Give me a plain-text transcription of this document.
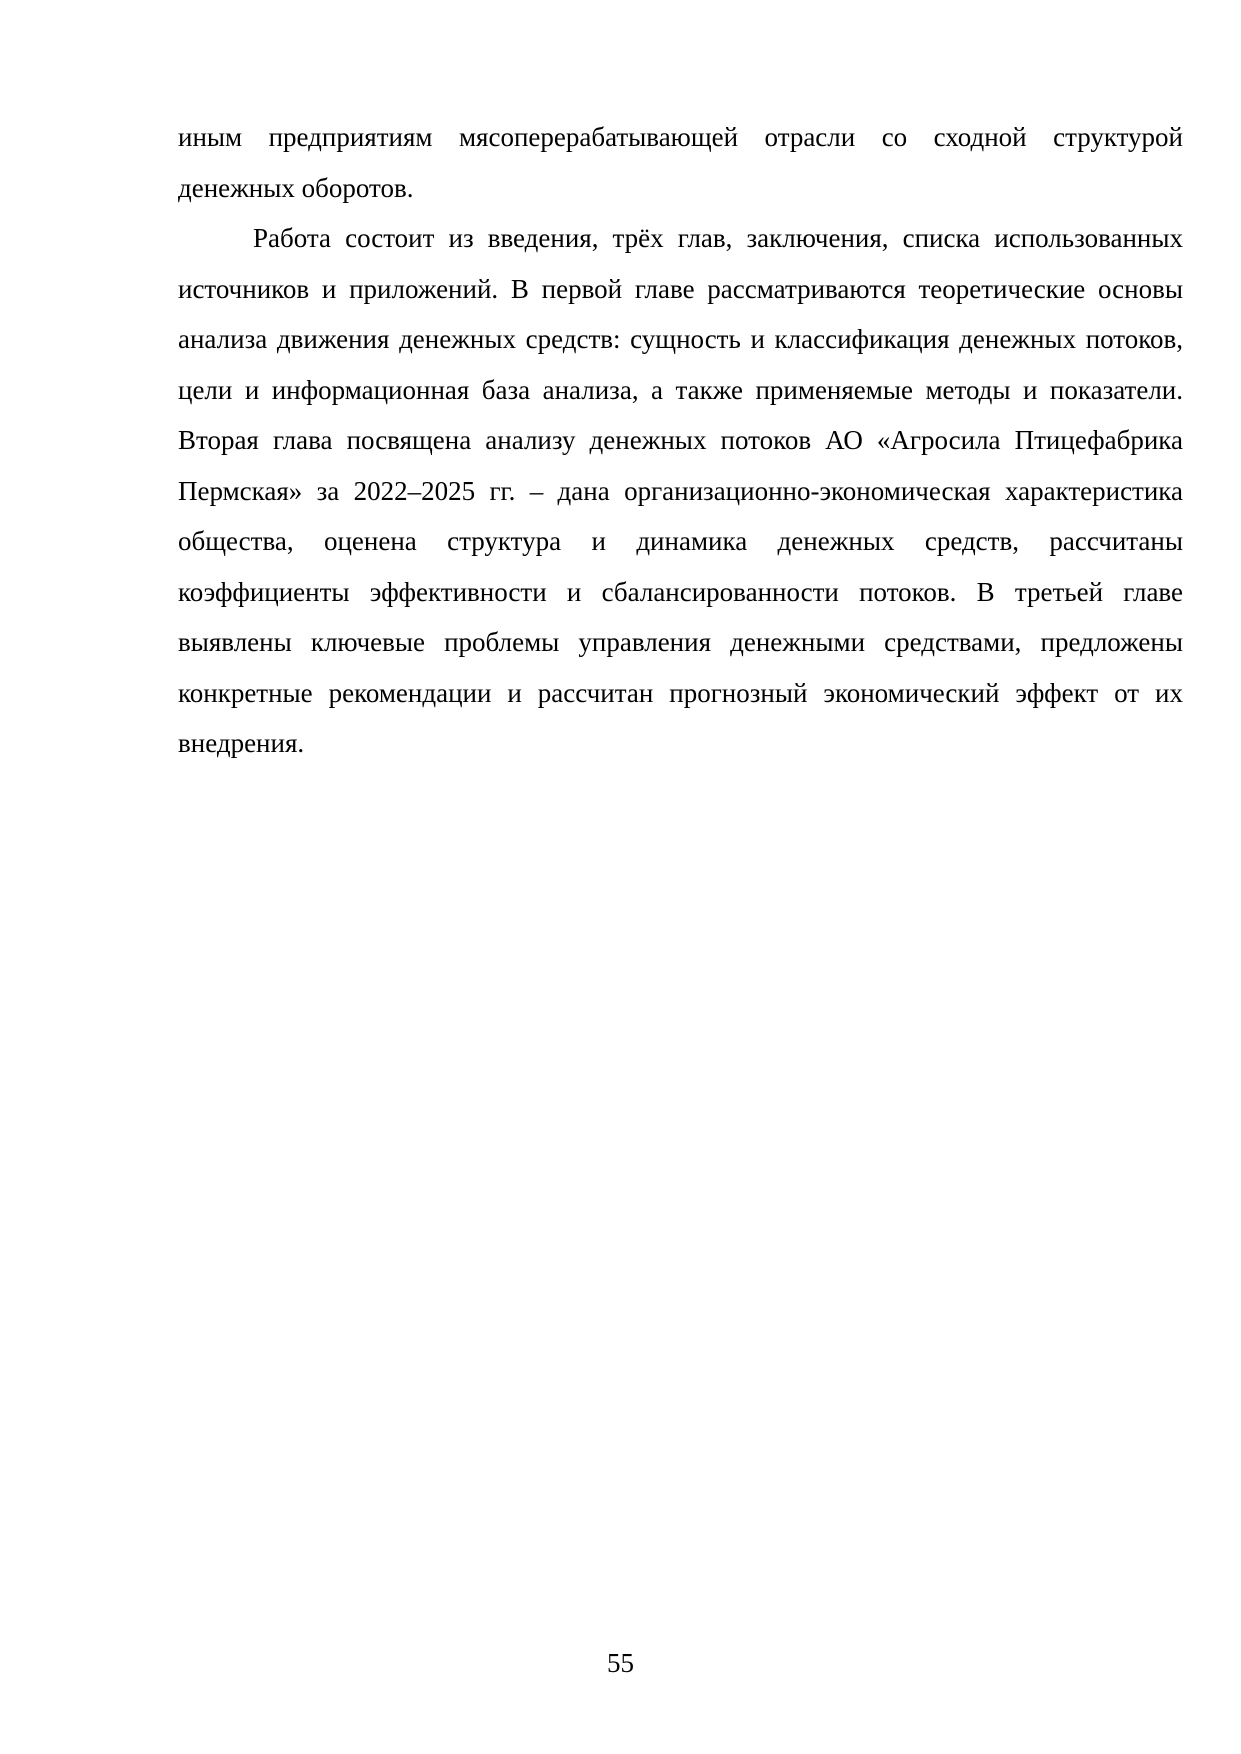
иным предприятиям мясоперерабатывающей отрасли со сходной структурой денежных оборотов.

Работа состоит из введения, трёх глав, заключения, списка использованных источников и приложений. В первой главе рассматриваются теоретические основы анализа движения денежных средств: сущность и классификация денежных потоков, цели и информационная база анализа, а также применяемые методы и показатели. Вторая глава посвящена анализу денежных потоков АО «Агросила Птицефабрика Пермская» за 2022–2025 гг. – дана организационно-экономическая характеристика общества, оценена структура и динамика денежных средств, рассчитаны коэффициенты эффективности и сбалансированности потоков. В третьей главе выявлены ключевые проблемы управления денежными средствами, предложены конкретные рекомендации и рассчитан прогнозный экономический эффект от их внедрения.

55
